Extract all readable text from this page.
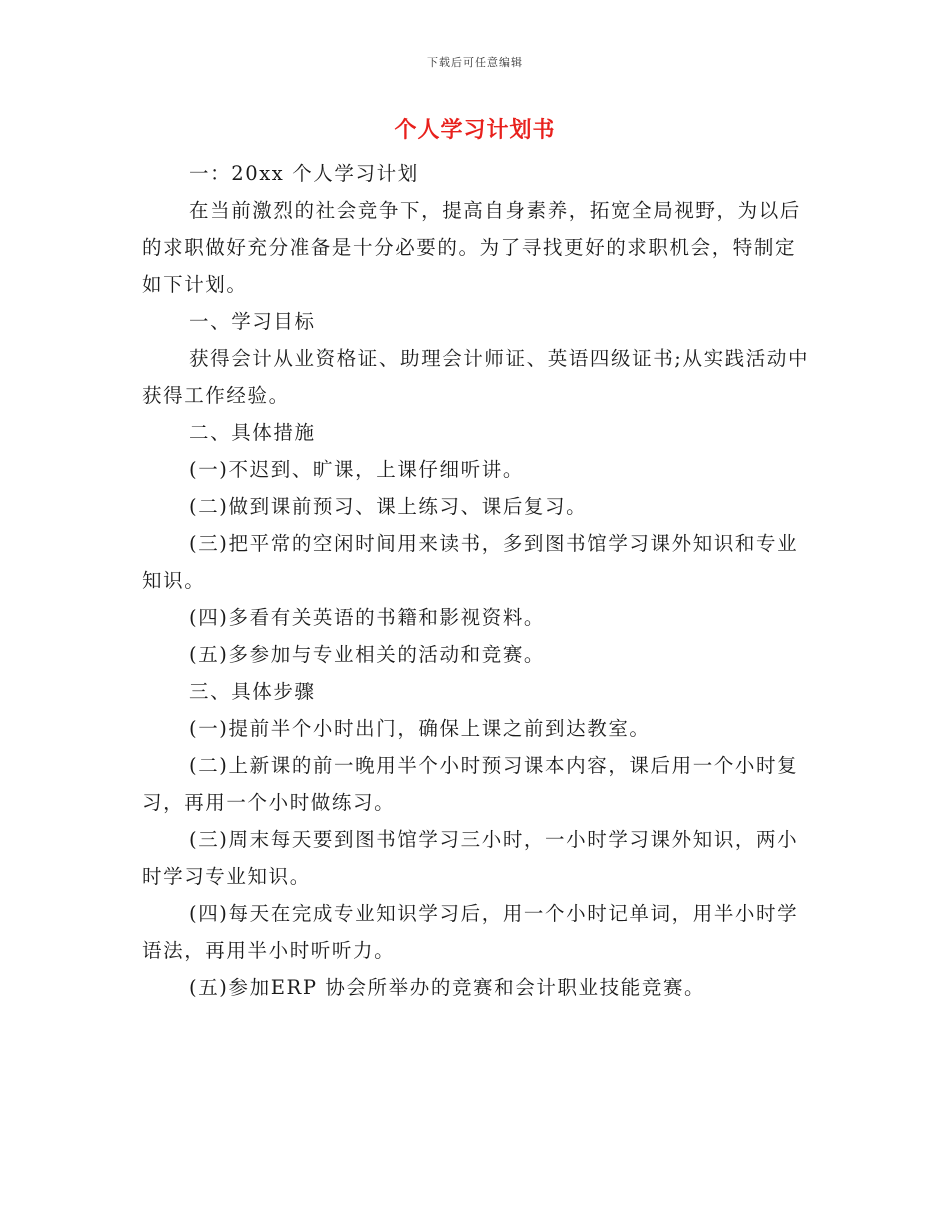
下载后可任意编辑
个人学习计划书

一：20xx 个人学习计划

在当前激烈的社会竞争下，提高自身素养，拓宽全局视野，为以后的求职做好充分准备是十分必要的。为了寻找更好的求职机会，特制定如下计划。

一、学习目标

获得会计从业资格证、助理会计师证、英语四级证书;从实践活动中获得工作经验。

二、具体措施

(一)不迟到、旷课，上课仔细听讲。

(二)做到课前预习、课上练习、课后复习。

(三)把平常的空闲时间用来读书，多到图书馆学习课外知识和专业知识。

(四)多看有关英语的书籍和影视资料。

(五)多参加与专业相关的活动和竞赛。

三、具体步骤

(一)提前半个小时出门，确保上课之前到达教室。

(二)上新课的前一晚用半个小时预习课本内容，课后用一个小时复习，再用一个小时做练习。

(三)周末每天要到图书馆学习三小时，一小时学习课外知识，两小时学习专业知识。

(四)每天在完成专业知识学习后，用一个小时记单词，用半小时学语法，再用半小时听听力。

(五)参加ERP 协会所举办的竞赛和会计职业技能竞赛。
